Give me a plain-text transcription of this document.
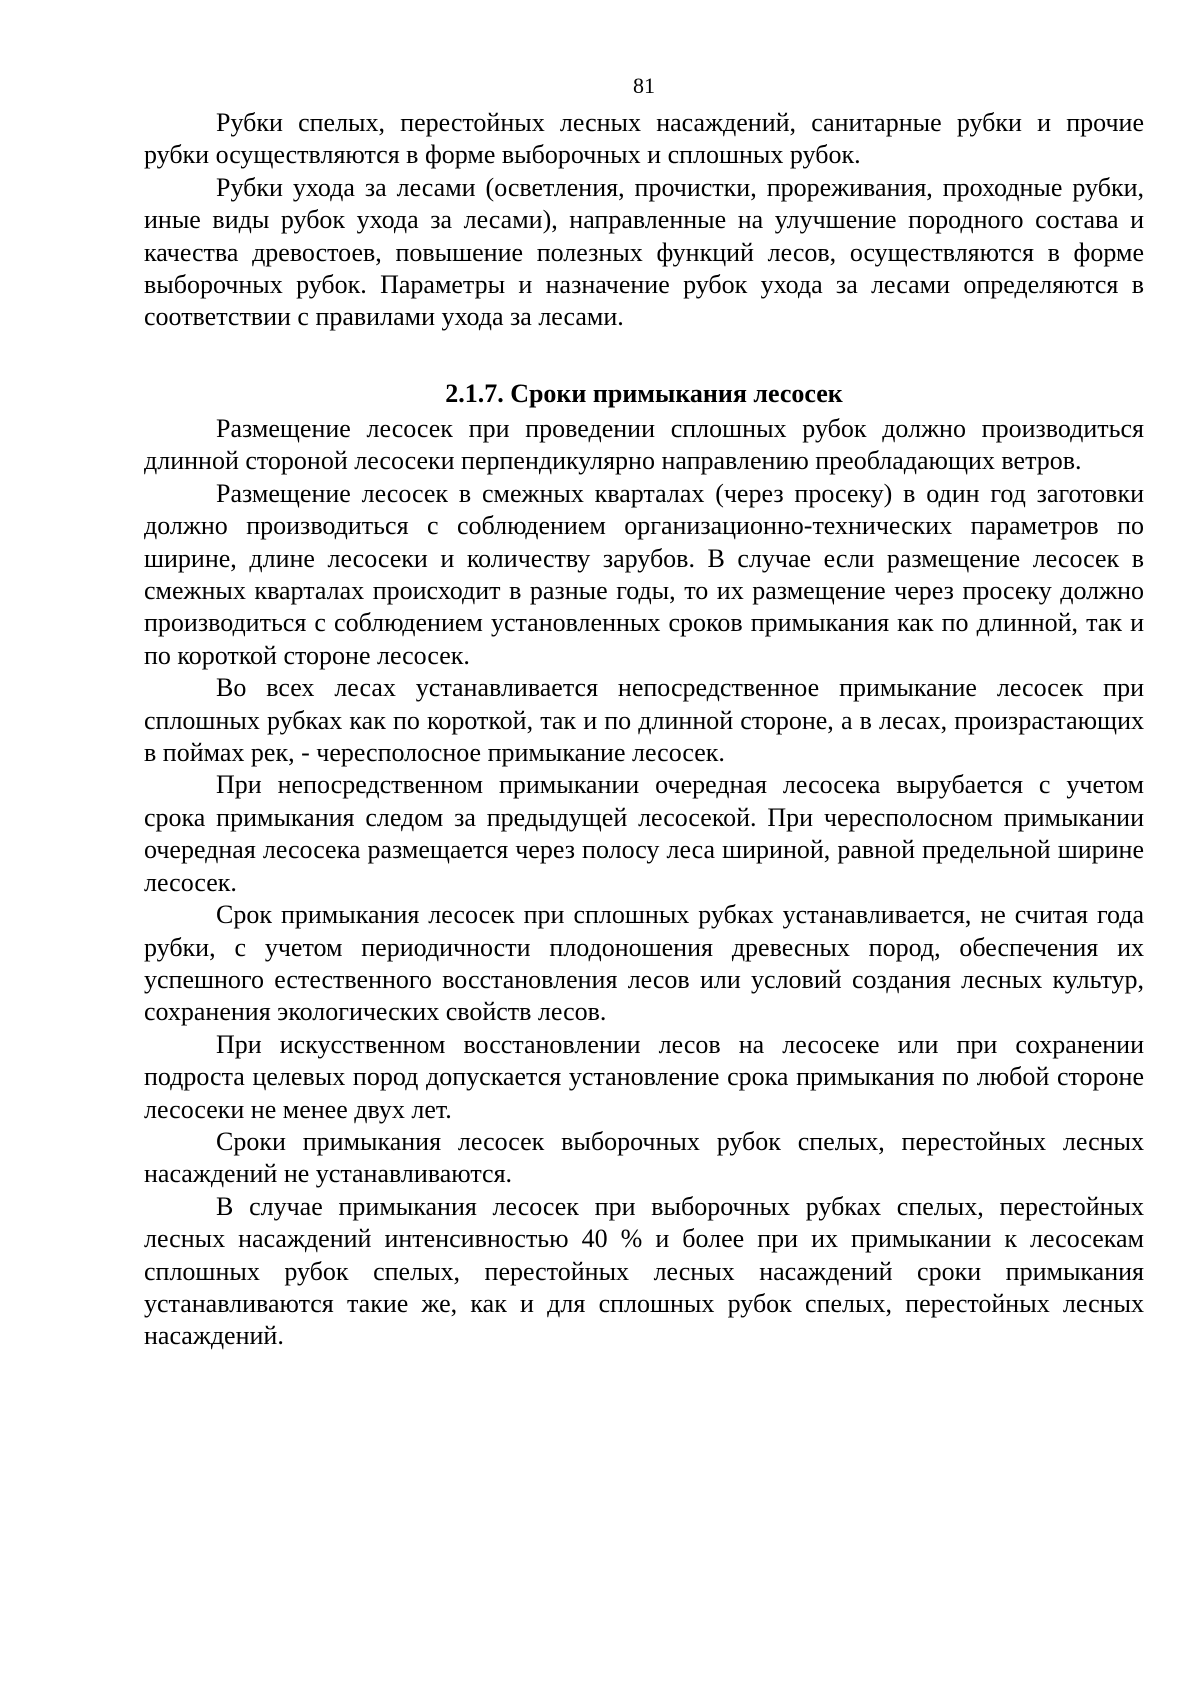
81

Рубки спелых, перестойных лесных насаждений, санитарные рубки и прочие рубки осуществляются в форме выборочных и сплошных рубок.

Рубки ухода за лесами (осветления, прочистки, прореживания, проходные рубки, иные виды рубок ухода за лесами), направленные на улучшение породного состава и качества древостоев, повышение полезных функций лесов, осуществляются в форме выборочных рубок. Параметры и назначение рубок ухода за лесами определяются в соответствии с правилами ухода за лесами.

2.1.7. Сроки примыкания лесосек

Размещение лесосек при проведении сплошных рубок должно производиться длинной стороной лесосеки перпендикулярно направлению преобладающих ветров.

Размещение лесосек в смежных кварталах (через просеку) в один год заготовки должно производиться с соблюдением организационно-технических параметров по ширине, длине лесосеки и количеству зарубов. В случае если размещение лесосек в смежных кварталах происходит в разные годы, то их размещение через просеку должно производиться с соблюдением установленных сроков примыкания как по длинной, так и по короткой стороне лесосек.

Во всех лесах устанавливается непосредственное примыкание лесосек при сплошных рубках как по короткой, так и по длинной стороне, а в лесах, произрастающих в поймах рек, - чересполосное примыкание лесосек.

При непосредственном примыкании очередная лесосека вырубается с учетом срока примыкания следом за предыдущей лесосекой. При чересполосном примыкании очередная лесосека размещается через полосу леса шириной, равной предельной ширине лесосек.

Срок примыкания лесосек при сплошных рубках устанавливается, не считая года рубки, с учетом периодичности плодоношения древесных пород, обеспечения их успешного естественного восстановления лесов или условий создания лесных культур, сохранения экологических свойств лесов.

При искусственном восстановлении лесов на лесосеке или при сохранении подроста целевых пород допускается установление срока примыкания по любой стороне лесосеки не менее двух лет.

Сроки примыкания лесосек выборочных рубок спелых, перестойных лесных насаждений не устанавливаются.

В случае примыкания лесосек при выборочных рубках спелых, перестойных лесных насаждений интенсивностью 40 % и более при их примыкании к лесосекам сплошных рубок спелых, перестойных лесных насаждений сроки примыкания устанавливаются такие же, как и для сплошных рубок спелых, перестойных лесных насаждений.
